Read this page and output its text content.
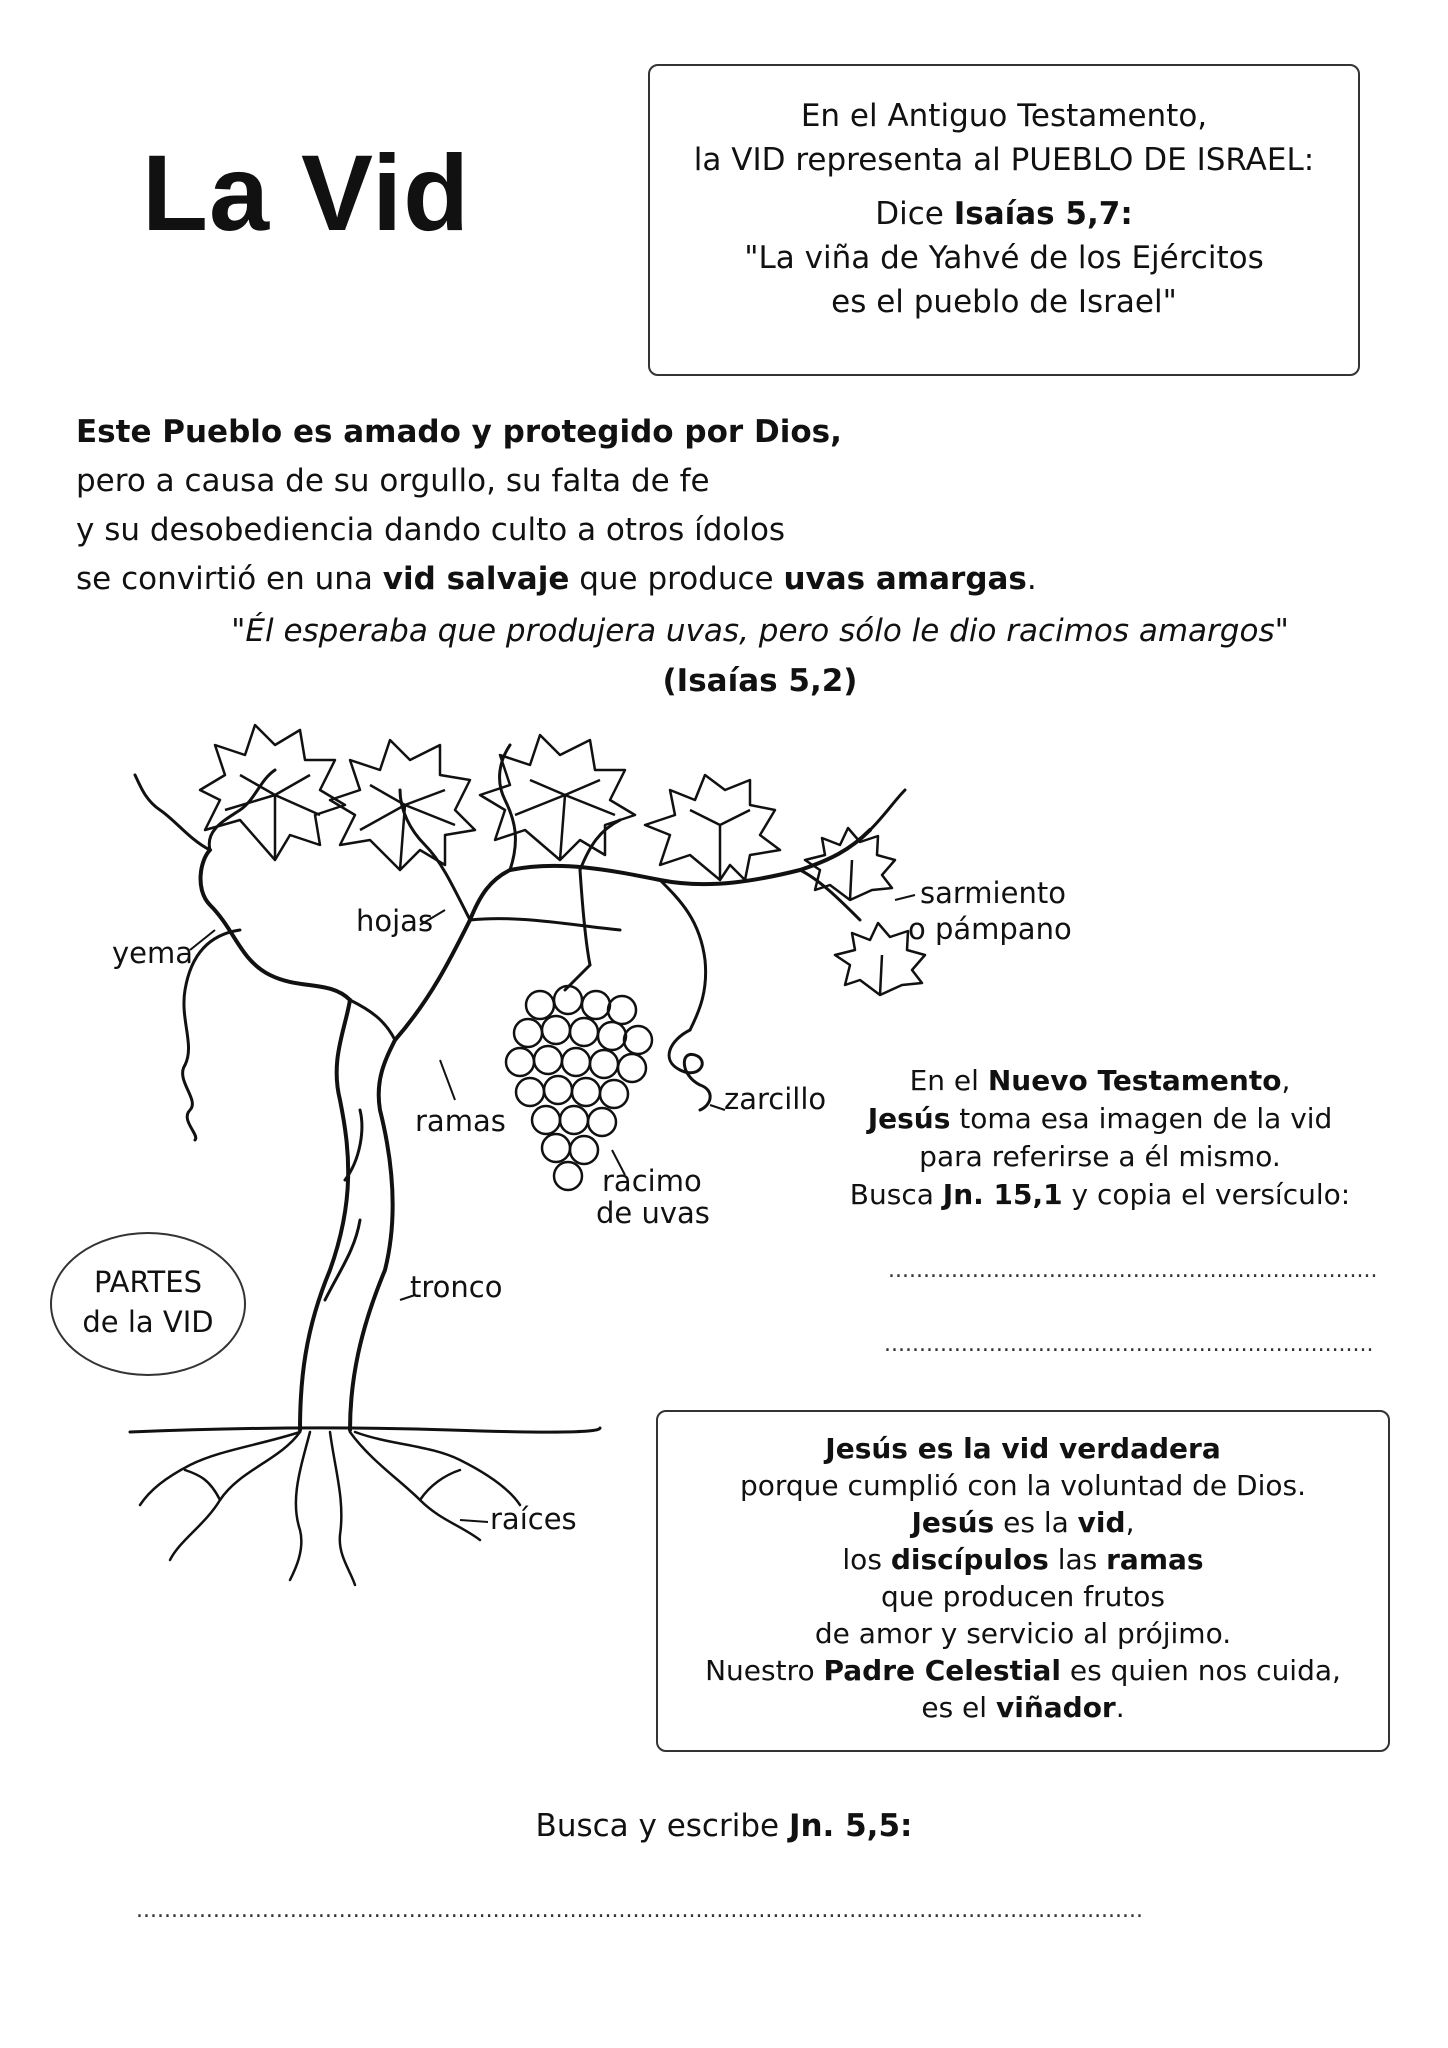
La Vid
En el Antiguo Testamento,
la VID representa al PUEBLO DE ISRAEL:
Dice Isaías 5,7:
"La viña de Yahvé de los Ejércitos
es el pueblo de Israel"
Este Pueblo es amado y protegido por Dios,
pero a causa de su orgullo, su falta de fe
y su desobediencia dando culto a otros ídolos
se convirtió en una vid salvaje que produce uvas amargas.
"Él esperaba que produjera uvas, pero sólo le dio racimos amargos"
(Isaías 5,2)
yema
hojas
sarmiento
o pámpano
ramas
zarcillo
racimo
de uvas
tronco
raíces
PARTES
de la VID
En el Nuevo Testamento,
Jesús toma esa imagen de la vid
para referirse a él mismo.
Busca Jn. 15,1 y copia el versículo:
......................................................................
......................................................................
Jesús es la vid verdadera
porque cumplió con la voluntad de Dios.
Jesús es la vid,
los discípulos las ramas
que producen frutos
de amor y servicio al prójimo.
Nuestro Padre Celestial es quien nos cuida,
es el viñador.
Busca y escribe Jn. 5,5:
................................................................................................................................................
